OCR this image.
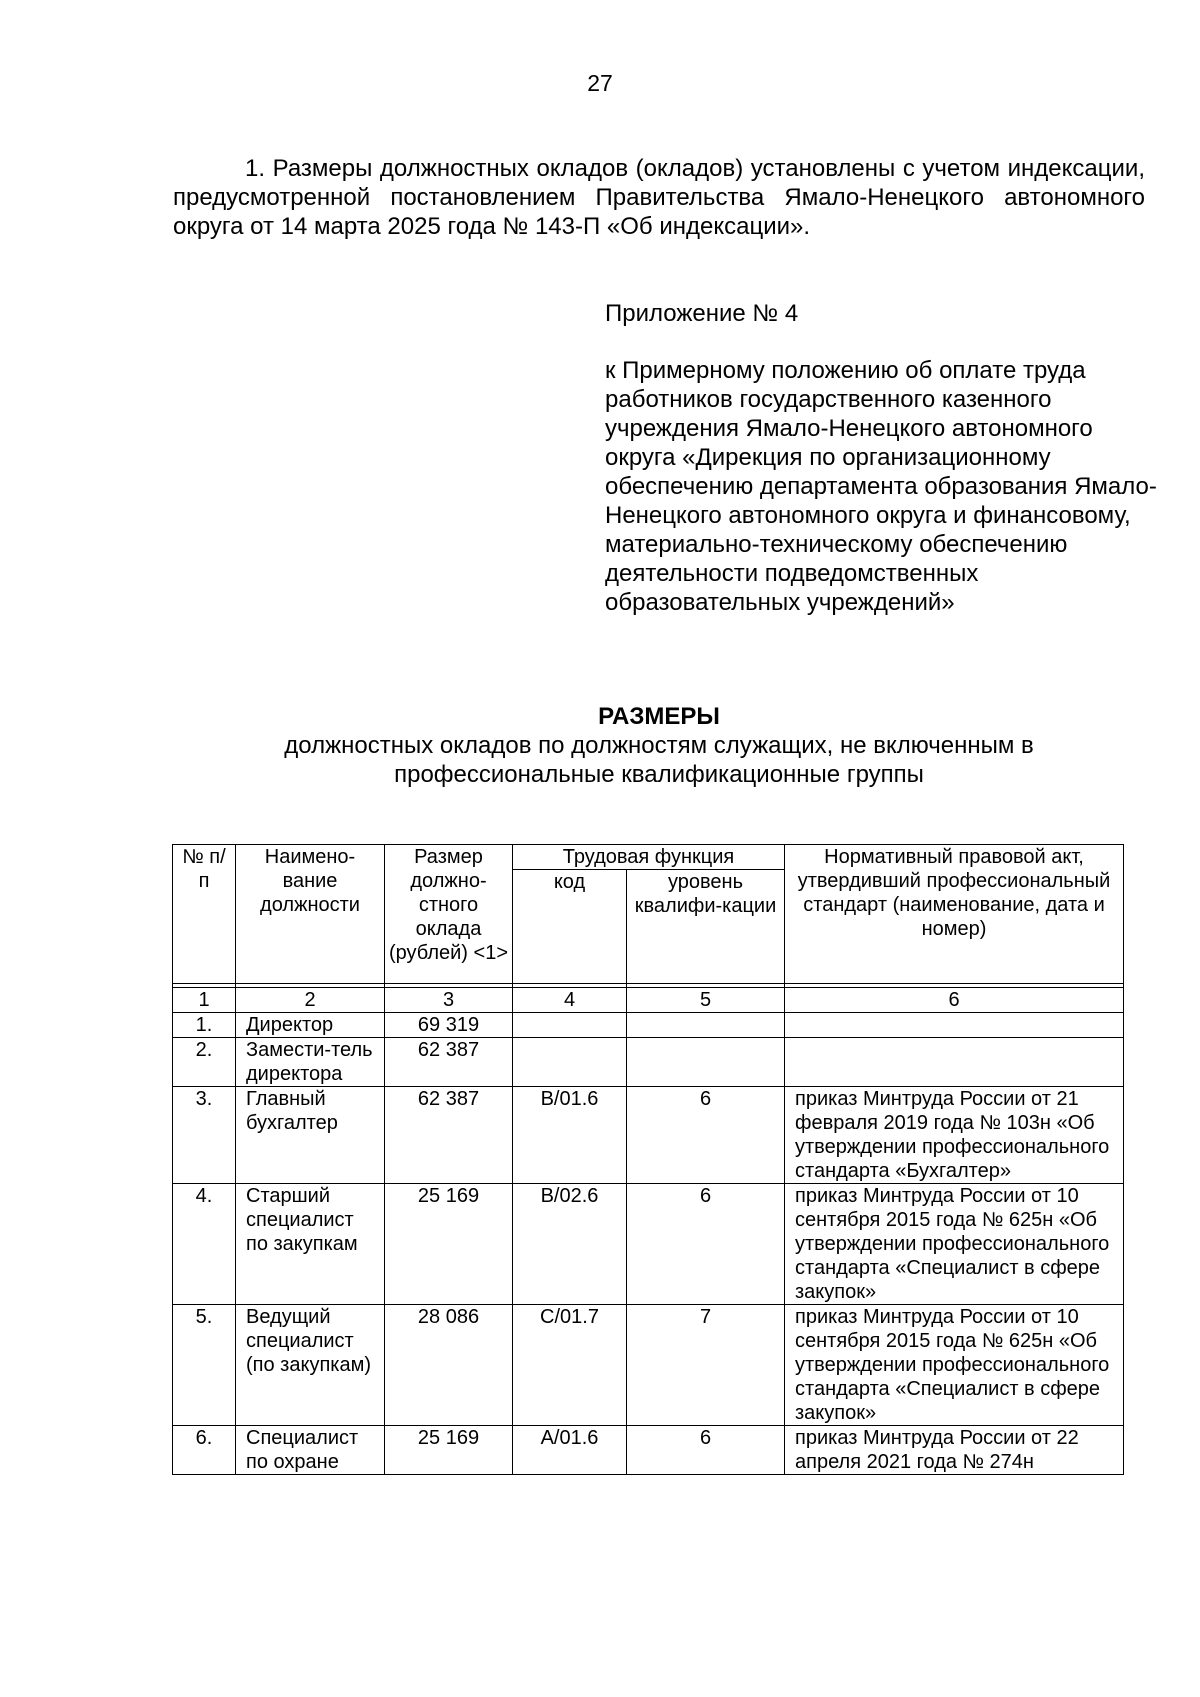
27

1. Размеры должностных окладов (окладов) установлены с учетом индексации, предусмотренной постановлением Правительства Ямало-Ненецкого автономного округа от 14 марта 2025 года № 143-П «Об индексации».

Приложение № 4

к Примерному положению об оплате труда работников государственного казенного учреждения Ямало-Ненецкого автономного округа «Дирекция по организационному обеспечению департамента образования Ямало-Ненецкого автономного округа и финансовому, материально-техническому обеспечению деятельности подведомственных образовательных учреждений»

РАЗМЕРЫ
должностных окладов по должностям служащих, не включенным в профессиональные квалификационные группы
№ п/п	Наимено-вание должности	Размер должно-стного оклада (рублей) <1>	Трудовая функция		Нормативный правовой акт, утвердивший профессиональный стандарт (наименование, дата и номер)
			код	уровень квалифи-кации	

1	2	3	4	5	6
1.	Директор	69 319			
2.	Замести-тель директора	62 387			
3.	Главный бухгалтер	62 387	B/01.6	6	приказ Минтруда России от 21 февраля 2019 года № 103н «Об утверждении профессионального стандарта «Бухгалтер»
4.	Старший специалист по закупкам	25 169	B/02.6	6	приказ Минтруда России от 10 сентября 2015 года № 625н «Об утверждении профессионального стандарта «Специалист в сфере закупок»
5.	Ведущий специалист (по закупкам)	28 086	C/01.7	7	приказ Минтруда России от 10 сентября 2015 года № 625н «Об утверждении профессионального стандарта «Специалист в сфере закупок»
6.	Специалист по охране	25 169	A/01.6	6	приказ Минтруда России от 22 апреля 2021 года № 274н
